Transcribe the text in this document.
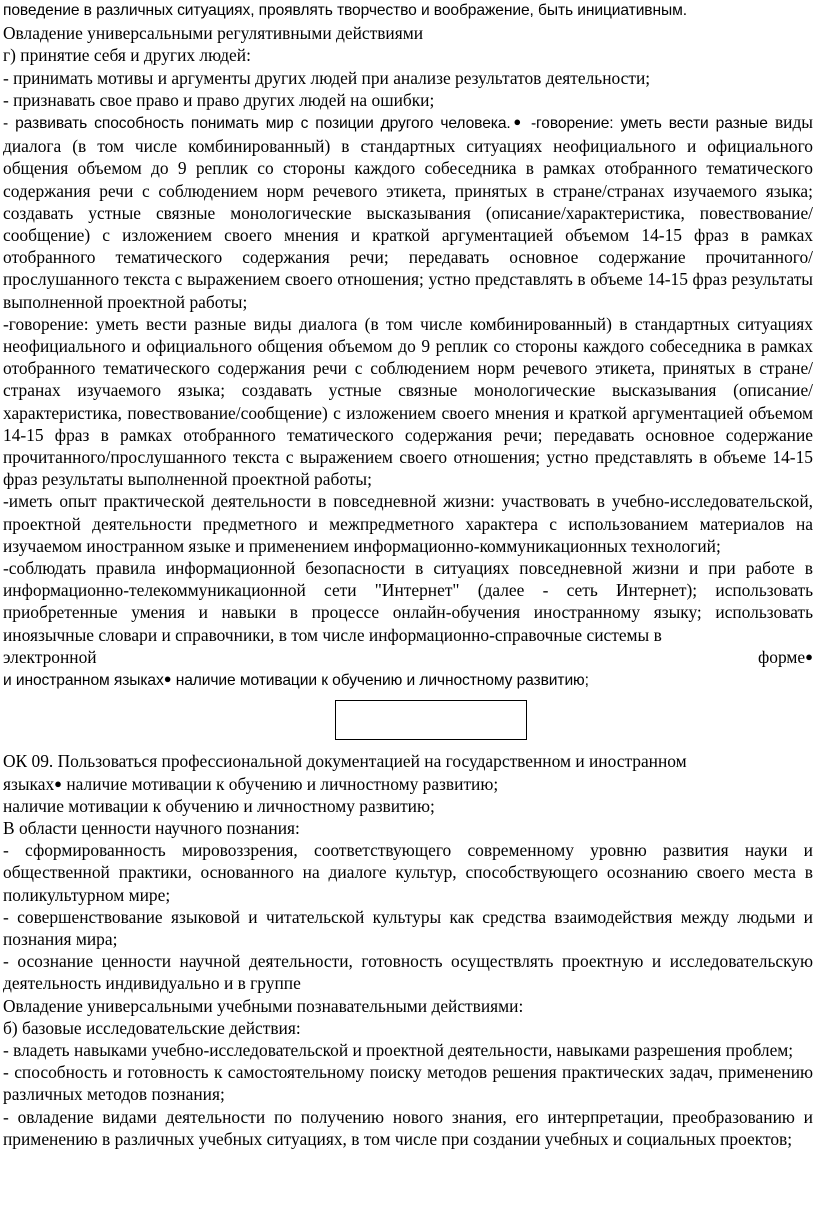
поведение в различных ситуациях, проявлять творчество и воображение, быть инициативным.

Овладение универсальными регулятивными действиями

г) принятие себя и других людей:

- принимать мотивы и аргументы других людей при анализе результатов деятельности;

- признавать свое право и право других людей на ошибки;

- развивать способность понимать мир с позиции другого человека.● -говорение: уметь вести разные виды диалога (в том числе комбинированный) в стандартных ситуациях неофициального и официального общения объемом до 9 реплик со стороны каждого собеседника в рамках отобранного тематического содержания речи с соблюдением норм речевого этикета, принятых в стране/странах изучаемого языка; создавать устные связные монологические высказывания (описание/характеристика, повествование/сообщение) с изложением своего мнения и краткой аргументацией объемом 14-15 фраз в рамках отобранного тематического содержания речи; передавать основное содержание прочитанного/прослушанного текста с выражением своего отношения; устно представлять в объеме 14-15 фраз результаты выполненной проектной работы;

-говорение: уметь вести разные виды диалога (в том числе комбинированный) в стандартных ситуациях неофициального и официального общения объемом до 9 реплик со стороны каждого собеседника в рамках отобранного тематического содержания речи с соблюдением норм речевого этикета, принятых в стране/странах изучаемого языка; создавать устные связные монологические высказывания (описание/характеристика, повествование/сообщение) с изложением своего мнения и краткой аргументацией объемом 14-15 фраз в рамках отобранного тематического содержания речи; передавать основное содержание прочитанного/прослушанного текста с выражением своего отношения; устно представлять в объеме 14-15 фраз результаты выполненной проектной работы;

-иметь опыт практической деятельности в повседневной жизни: участвовать в учебно-исследовательской, проектной деятельности предметного и межпредметного характера с использованием материалов на изучаемом иностранном языке и применением информационно-коммуникационных технологий;

-соблюдать правила информационной безопасности в ситуациях повседневной жизни и при работе в информационно-телекоммуникационной сети "Интернет" (далее - сеть Интернет); использовать приобретенные умения и навыки в процессе онлайн-обучения иностранному языку; использовать иноязычные словари и справочники, в том числе информационно-справочные системы в

электронной	форме●

и иностранном языках● наличие мотивации к обучению и личностному развитию;

ОК 09. Пользоваться профессиональной документацией на государственном и иностранном

языках● наличие мотивации к обучению и личностному развитию;

наличие мотивации к обучению и личностному развитию;

В области ценности научного познания:

- сформированность мировоззрения, соответствующего современному уровню развития науки и общественной практики, основанного на диалоге культур, способствующего осознанию своего места в поликультурном мире;

- совершенствование языковой и читательской культуры как средства взаимодействия между людьми и познания мира;

- осознание ценности научной деятельности, готовность осуществлять проектную и исследовательскую деятельность индивидуально и в группе

Овладение универсальными учебными познавательными действиями:

б) базовые исследовательские действия:

- владеть навыками учебно-исследовательской и проектной деятельности, навыками разрешения проблем;

- способность и готовность к самостоятельному поиску методов решения практических задач, применению различных методов познания;

- овладение видами деятельности по получению нового знания, его интерпретации, преобразованию и применению в различных учебных ситуациях, в том числе при создании учебных и социальных проектов;
